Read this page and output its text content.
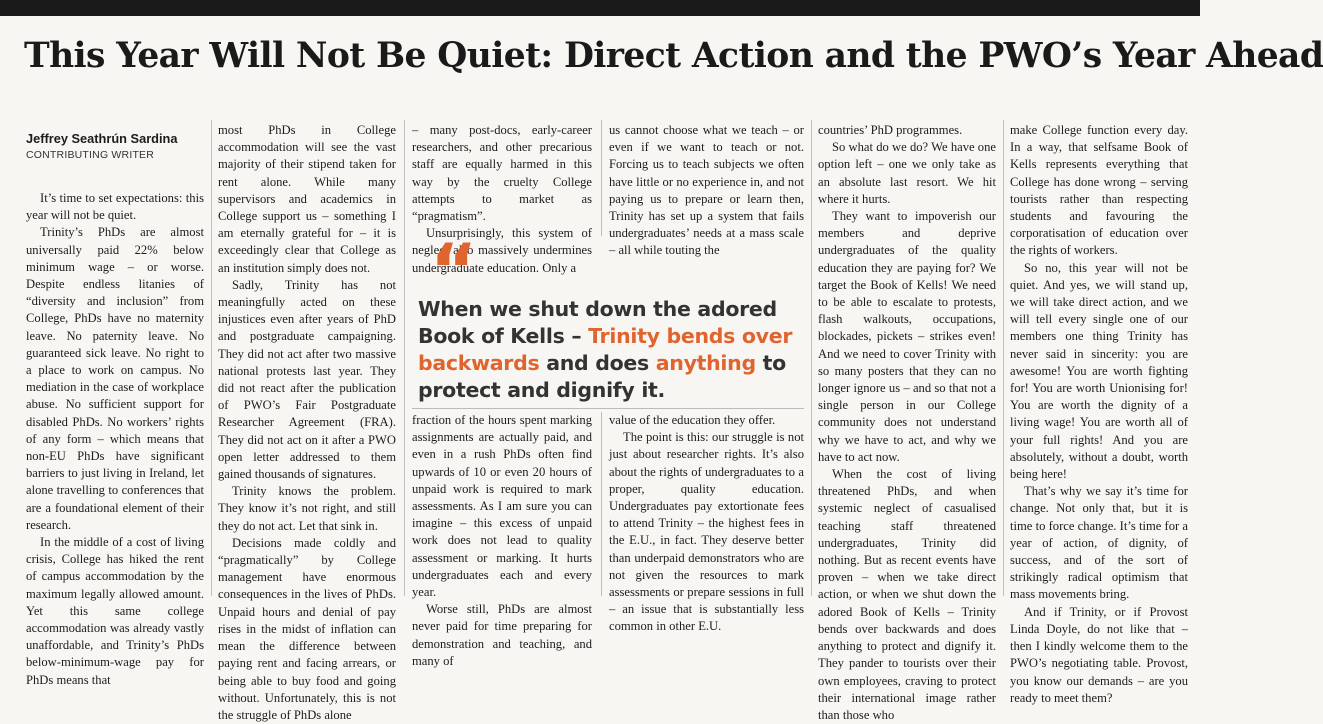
This Year Will Not Be Quiet: Direct Action and the PWO’s Year Ahead

Jeffrey Seathrún Sardina

CONTRIBUTING WRITER

It’s time to set expectations: this year will not be quiet.

Trinity’s PhDs are almost universally paid 22% below minimum wage – or worse. Despite endless litanies of “diversity and inclusion” from College, PhDs have no maternity leave. No paternity leave. No guaranteed sick leave. No right to a place to work on campus. No mediation in the case of workplace abuse. No sufficient support for disabled PhDs. No workers’ rights of any form – which means that non-EU PhDs have significant barriers to just living in Ireland, let alone travelling to conferences that are a foundational element of their research.

In the middle of a cost of living crisis, College has hiked the rent of campus accommodation by the maximum legally allowed amount. Yet this same college accommodation was already vastly unaffordable, and Trinity’s PhDs below-minimum-wage pay for PhDs means that

most PhDs in College accommodation will see the vast majority of their stipend taken for rent alone. While many supervisors and academics in College support us – something I am eternally grateful for – it is exceedingly clear that College as an institution simply does not.

Sadly, Trinity has not meaningfully acted on these injustices even after years of PhD and postgraduate campaigning. They did not act after two massive national protests last year. They did not react after the publication of PWO’s Fair Postgraduate Researcher Agreement (FRA). They did not act on it after a PWO open letter addressed to them gained thousands of signatures.

Trinity knows the problem. They know it’s not right, and still they do not act. Let that sink in.

Decisions made coldly and “pragmatically” by College management have enormous consequences in the lives of PhDs. Unpaid hours and denial of pay rises in the midst of inflation can mean the difference between paying rent and facing arrears, or being able to buy food and going without. Unfortunately, this is not the struggle of PhDs alone

– many post-docs, early-career researchers, and other precarious staff are equally harmed in this way by the cruelty College attempts to market as “pragmatism”.

Unsurprisingly, this system of neglect also massively undermines undergraduate education. Only a

us cannot choose what we teach – or even if we want to teach or not. Forcing us to teach subjects we often have little or no experience in, and not paying us to prepare or learn then, Trinity has set up a system that fails undergraduates’ needs at a mass scale – all while touting the

“

When we shut down the adored Book of Kells – Trinity bends over backwards and does anything to protect and dignify it.

fraction of the hours spent marking assignments are actually paid, and even in a rush PhDs often find upwards of 10 or even 20 hours of unpaid work is required to mark assessments. As I am sure you can imagine – this excess of unpaid work does not lead to quality assessment or marking. It hurts undergraduates each and every year.

Worse still, PhDs are almost never paid for time preparing for demonstration and teaching, and many of

value of the education they offer.

The point is this: our struggle is not just about researcher rights. It’s also about the rights of undergraduates to a proper, quality education. Undergraduates pay extortionate fees to attend Trinity – the highest fees in the E.U., in fact. They deserve better than underpaid demonstrators who are not given the resources to mark assessments or prepare sessions in full – an issue that is substantially less common in other E.U.

countries’ PhD programmes.

So what do we do? We have one option left – one we only take as an absolute last resort. We hit where it hurts.

They want to impoverish our members and deprive undergraduates of the quality education they are paying for? We target the Book of Kells! We need to be able to escalate to protests, flash walkouts, occupations, blockades, pickets – strikes even! And we need to cover Trinity with so many posters that they can no longer ignore us – and so that not a single person in our College community does not understand why we have to act, and why we have to act now.

When the cost of living threatened PhDs, and when systemic neglect of casualised teaching staff threatened undergraduates, Trinity did nothing. But as recent events have proven – when we take direct action, or when we shut down the adored Book of Kells – Trinity bends over backwards and does anything to protect and dignify it. They pander to tourists over their own employees, craving to protect their international image rather than those who

make College function every day. In a way, that selfsame Book of Kells represents everything that College has done wrong – serving tourists rather than respecting students and favouring the corporatisation of education over the rights of workers.

So no, this year will not be quiet. And yes, we will stand up, we will take direct action, and we will tell every single one of our members one thing Trinity has never said in sincerity: you are awesome! You are worth fighting for! You are worth Unionising for! You are worth the dignity of a living wage! You are worth all of your full rights! And you are absolutely, without a doubt, worth being here!

That’s why we say it’s time for change. Not only that, but it is time to force change. It’s time for a year of action, of dignity, of success, and of the sort of strikingly radical optimism that mass movements bring.

And if Trinity, or if Provost Linda Doyle, do not like that – then I kindly welcome them to the PWO’s negotiating table. Provost, you know our demands – are you ready to meet them?
